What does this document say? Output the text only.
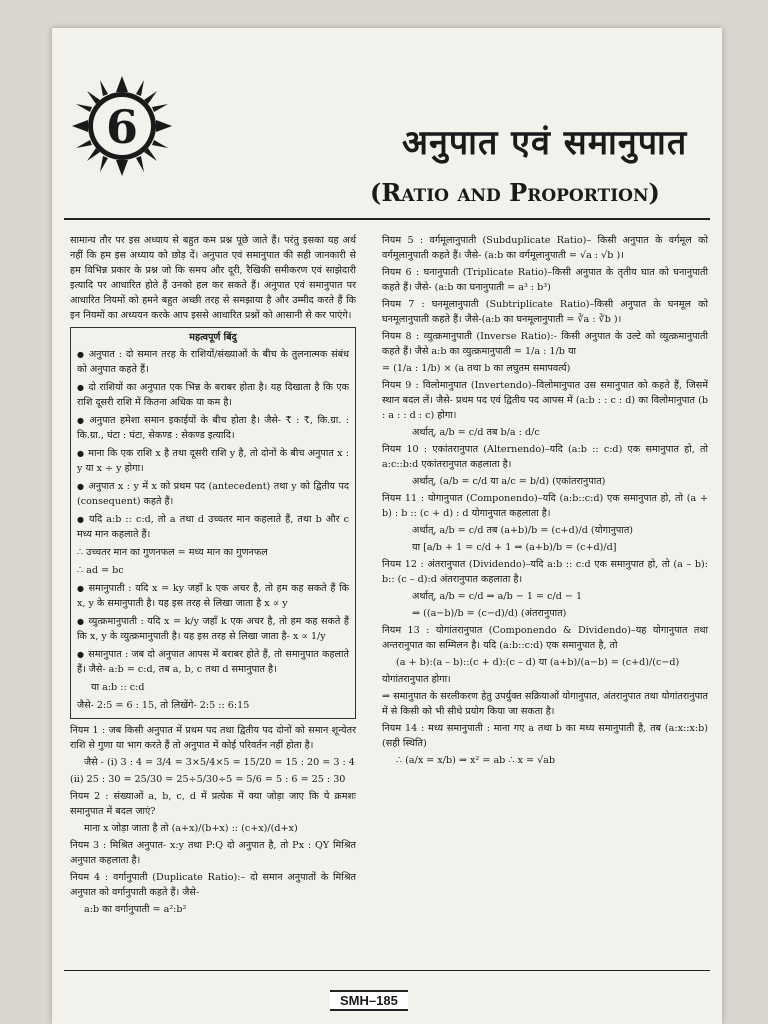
6	अनुपात एवं समानुपात
(Ratio and Proportion)

सामान्य तौर पर इस अध्याय से बहुत कम प्रश्न पूछे जाते हैं। परंतु इसका यह अर्थ नहीं कि हम इस अध्याय को छोड़ दें। अनुपात एवं समानुपात की सही जानकारी से हम विभिन्न प्रकार के प्रश्न जो कि समय और दूरी, रैखिकी समीकरण एवं साझेदारी इत्यादि पर आधारित होते हैं उनको हल कर सकते हैं। अनुपात एवं समानुपात पर आधारित नियमों को हमने बहुत अच्छी तरह से समझाया है और उम्मीद करते हैं कि इन नियमों का अध्ययन करके आप इससे आधारित प्रश्नों को आसानी से कर पाएंगे।

महत्वपूर्ण बिंदु

● अनुपात : दो समान तरह के राशियों/संख्याओं के बीच के तुलनात्मक संबंध को अनुपात कहते हैं।

● दो राशियों का अनुपात एक भिन्न के बराबर होता है। यह दिखाता है कि एक राशि दूसरी राशि में कितना अधिक या कम है।

● अनुपात हमेशा समान इकाईयों के बीच होता है। जैसे- ₹ : ₹, कि.ग्रा. : कि.ग्रा., घंटा : घंटा, सेकण्ड : सेकण्ड इत्यादि।

● माना कि एक राशि x है तथा दूसरी राशि y है, तो दोनों के बीच अनुपात x : y या x ÷ y होगा।

● अनुपात x : y में x को प्रथम पद (antecedent) तथा y को द्वितीय पद (consequent) कहते हैं।

● यदि a:b :: c:d, तो a तथा d उच्चतर मान कहलाते हैं, तथा b और c मध्य मान कहलाते हैं।

∴ उच्चतर मान का गुणनफल = मध्य मान का गुणनफल

∴ ad = bc

● समानुपाती : यदि x = ky जहाँ k एक अचर है, तो हम कह सकते हैं कि x, y के समानुपाती है। यह इस तरह से लिखा जाता है x ∝ y

● व्युत्क्रमानुपाती : यदि x = k/y जहाँ k एक अचर है, तो हम कह सकते हैं कि x, y के व्युत्क्रमानुपाती है। यह इस तरह से लिखा जाता है- x ∝ 1/y

● समानुपात : जब दो अनुपात आपस में बराबर होते हैं, तो समानुपात कहलाते हैं। जैसे- a:b = c:d, तब a, b, c तथा d समानुपात है।

या a:b :: c:d

जैसे- 2:5 = 6 : 15, तो लिखेंगे- 2:5 :: 6:15

नियम 1 : जब किसी अनुपात में प्रथम पद तथा द्वितीय पद दोनों को समान शून्येतर राशि से गुणा या भाग करते हैं तो अनुपात में कोई परिवर्तन नहीं होता है।

जैसे - (i) 3 : 4 = 3/4 = 3×5/4×5 = 15/20 = 15 : 20 = 3 : 4

(ii) 25 : 30 = 25/30 = 25÷5/30÷5 = 5/6 = 5 : 6 = 25 : 30

नियम 2 : संख्याओं a, b, c, d में प्रत्येक में क्या जोड़ा जाए कि ये क्रमशः समानुपात में बदल जाएं?

माना x जोड़ा जाता है तो (a+x)/(b+x) :: (c+x)/(d+x)

नियम 3 : मिश्रित अनुपात- x:y तथा P:Q दो अनुपात है, तो Px : QY मिश्रित अनुपात कहलाता है।

नियम 4 : वर्गानुपाती (Duplicate Ratio):– दो समान अनुपातों के मिश्रित अनुपात को वर्गानुपाती कहते हैं। जैसे-

a:b का वर्गानुपाती = a²:b²

नियम 5 : वर्गमूलानुपाती (Subduplicate Ratio)– किसी अनुपात के वर्गमूल को वर्गमूलानुपाती कहते हैं। जैसे- (a:b का वर्गमूलानुपाती = √a : √b )।

नियम 6 : घनानुपाती (Triplicate Ratio)–किसी अनुपात के तृतीय घात को घनानुपाती कहते हैं। जैसे- (a:b का घनानुपाती = a³ : b³)

नियम 7 : घनमूलानुपाती (Subtriplicate Ratio)–किसी अनुपात के घनमूल को घनमूलानुपाती कहते हैं। जैसे-(a:b का घनमूलानुपाती = ∛a : ∛b )।

नियम 8 : व्युत्क्रमानुपाती (Inverse Ratio):- किसी अनुपात के उल्टे को व्युत्क्रमानुपाती कहते हैं। जैसे a:b का व्युत्क्रमानुपाती = 1/a : 1/b या

= (1/a : 1/b) × (a तथा b का लघुतम समापवर्त्य)

नियम 9 : विलोमानुपात (Invertendo)–विलोमानुपात उस समानुपात को कहते हैं, जिसमें स्थान बदल लें। जैसे- प्रथम पद एवं द्वितीय पद आपस में (a:b : : c : d) का विलोमानुपात (b : a : : d : c) होगा।

अर्थात्, a/b = c/d तब b/a : d/c

नियम 10 : एकांतरानुपात (Alternendo)–यदि (a:b :: c:d) एक समानुपात हो, तो a:c::b:d एकांतरानुपात कहलाता है।

अर्थात्, (a/b = c/d या a/c = b/d) (एकांतरानुपात)

नियम 11 : योगानुपात (Componendo)–यदि (a:b::c:d) एक समानुपात हो, तो (a + b) : b :: (c + d) : d योगानुपात कहलाता है।

अर्थात्, a/b = c/d तब (a+b)/b = (c+d)/d (योगानुपात)

या [a/b + 1 = c/d + 1 ⇒ (a+b)/b = (c+d)/d]

नियम 12 : अंतरानुपात (Dividendo)–यदि a:b :: c:d एक समानुपात हो, तो (a – b): b:: (c – d):d अंतरानुपात कहलाता है।

अर्थात्, a/b = c/d ⇒ a/b − 1 = c/d − 1

⇒ ((a−b)/b = (c−d)/d) (अंतरानुपात)

नियम 13 : योगांतरानुपात (Componendo & Dividendo)–यह योगानुपात तथा अन्तरानुपात का सम्मिलन है। यदि (a:b::c:d) एक समानुपात है, तो

(a + b):(a – b)::(c + d):(c – d) या (a+b)/(a−b) = (c+d)/(c−d)

योगांतरानुपात होगा।

⇒ समानुपात के सरलीकरण हेतु उपर्युक्त सक्रियाओं योगानुपात, अंतरानुपात तथा योगांतरानुपात में से किसी को भी सीधे प्रयोग किया जा सकता है।

नियम 14 : मध्य समानुपाती : माना गए a तथा b का मध्य समानुपाती है, तब (a:x::x:b) (सही स्थिति)

∴ (a/x = x/b) ⇒ x² = ab ∴ x = √ab

SMH–185
